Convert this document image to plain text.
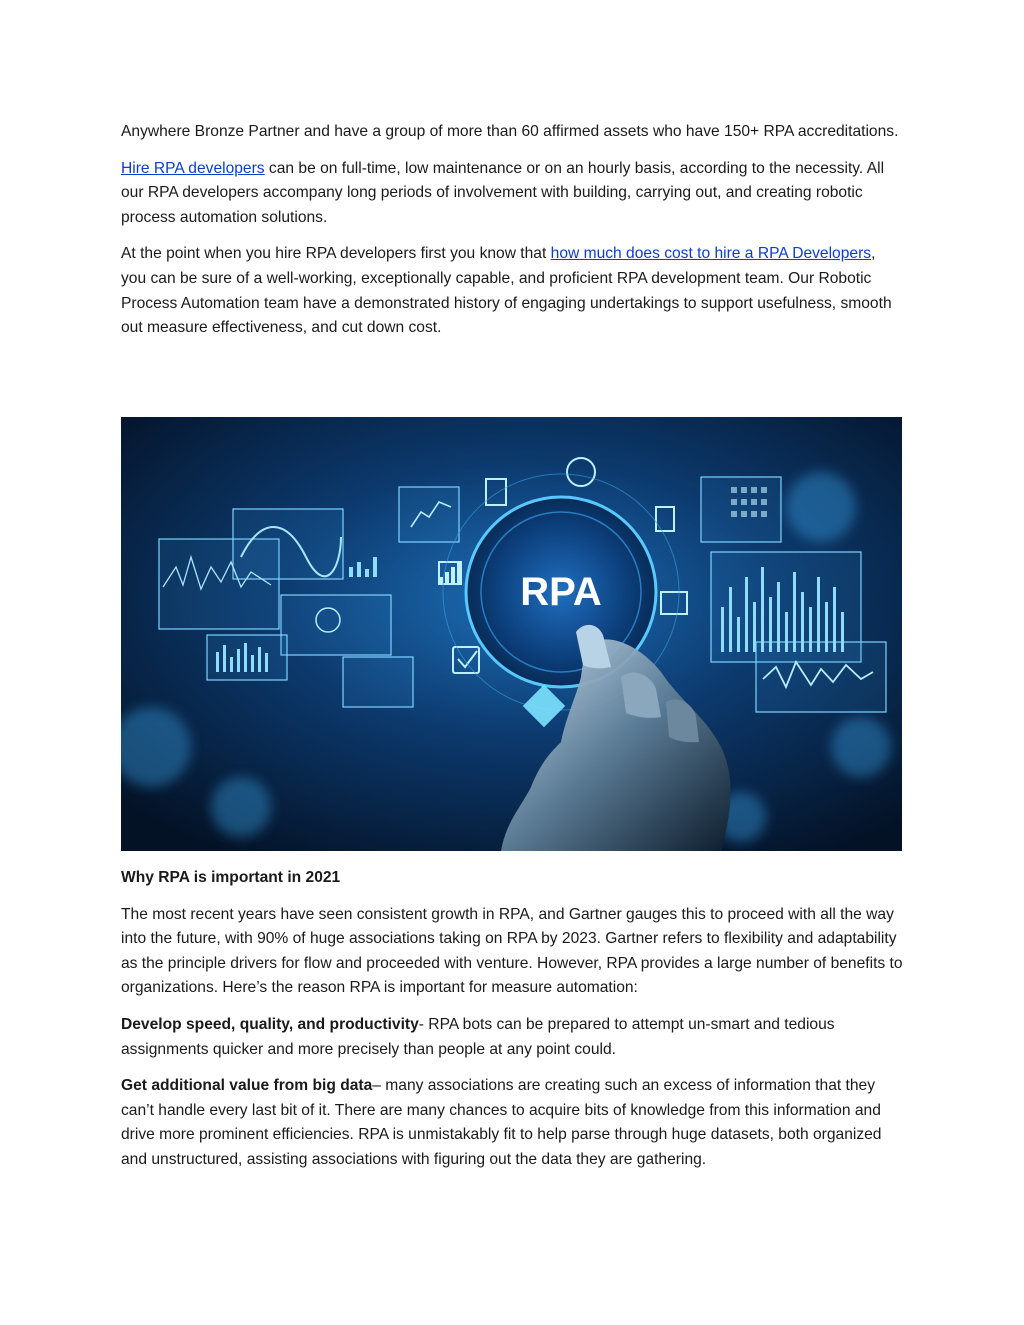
Anywhere Bronze Partner and have a group of more than 60 affirmed assets who have 150+ RPA accreditations.

Hire RPA developers can be on full-time, low maintenance or on an hourly basis, according to the necessity. All our RPA developers accompany long periods of involvement with building, carrying out, and creating robotic process automation solutions.

At the point when you hire RPA developers first you know that how much does cost to hire a RPA Developers, you can be sure of a well-working, exceptionally capable, and proficient RPA development team. Our Robotic Process Automation team have a demonstrated history of engaging undertakings to support usefulness, smooth out measure effectiveness, and cut down cost.

RPA

Why RPA is important in 2021

The most recent years have seen consistent growth in RPA, and Gartner gauges this to proceed with all the way into the future, with 90% of huge associations taking on RPA by 2023. Gartner refers to flexibility and adaptability as the principle drivers for flow and proceeded with venture. However, RPA provides a large number of benefits to organizations. Here’s the reason RPA is important for measure automation:

Develop speed, quality, and productivity- RPA bots can be prepared to attempt un-smart and tedious assignments quicker and more precisely than people at any point could.

Get additional value from big data– many associations are creating such an excess of information that they can’t handle every last bit of it. There are many chances to acquire bits of knowledge from this information and drive more prominent efficiencies. RPA is unmistakably fit to help parse through huge datasets, both organized and unstructured, assisting associations with figuring out the data they are gathering.
